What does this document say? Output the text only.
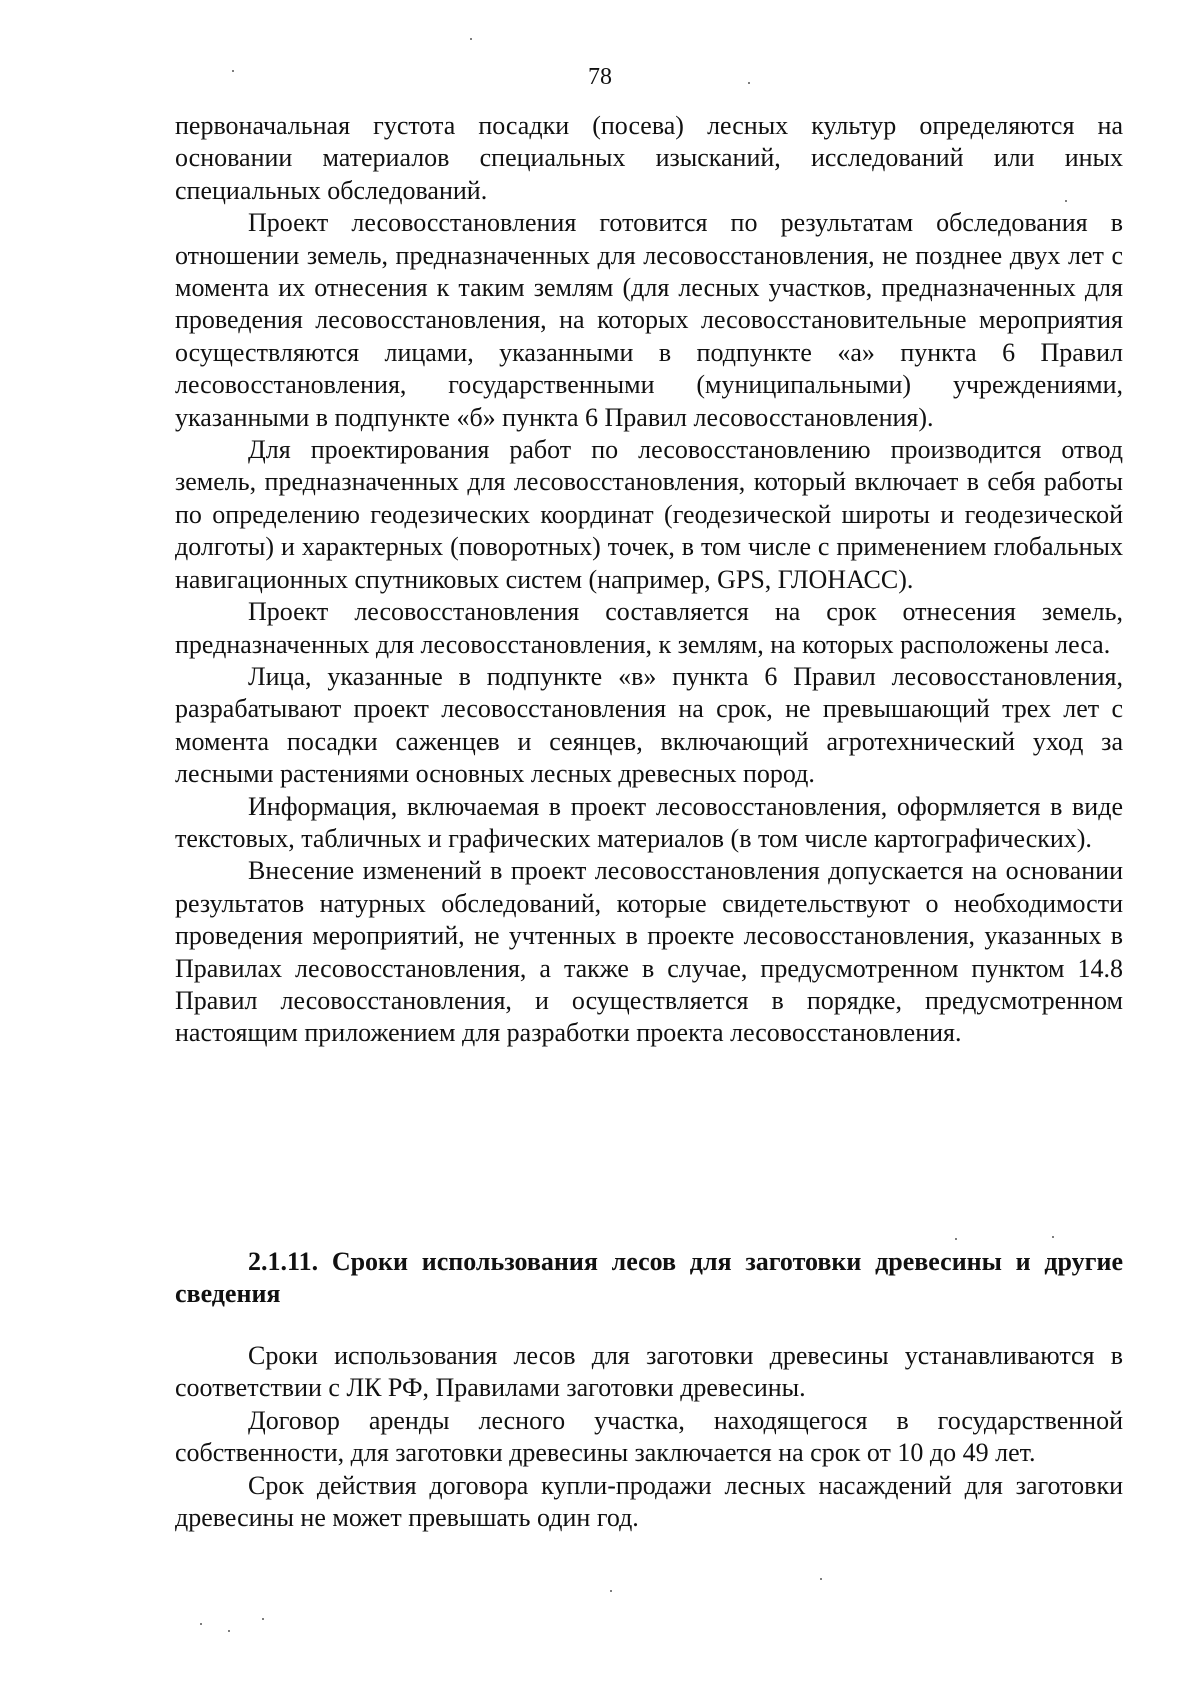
78

первоначальная густота посадки (посева) лесных культур определяются на основании материалов специальных изысканий, исследований или иных специальных обследований.

Проект лесовосстановления готовится по результатам обследования в отношении земель, предназначенных для лесовосстановления, не позднее двух лет с момента их отнесения к таким землям (для лесных участков, предназначенных для проведения лесовосстановления, на которых лесовосстановительные мероприятия осуществляются лицами, указанными в подпункте «а» пункта 6 Правил лесовосстановления, государственными (муниципальными) учреждениями, указанными в подпункте «б» пункта 6 Правил лесовосстановления).

Для проектирования работ по лесовосстановлению производится отвод земель, предназначенных для лесовосстановления, который включает в себя работы по определению геодезических координат (геодезической широты и геодезической долготы) и характерных (поворотных) точек, в том числе с применением глобальных навигационных спутниковых систем (например, GPS, ГЛОНАСС).

Проект лесовосстановления составляется на срок отнесения земель, предназначенных для лесовосстановления, к землям, на которых расположены леса.

Лица, указанные в подпункте «в» пункта 6 Правил лесовосстановления, разрабатывают проект лесовосстановления на срок, не превышающий трех лет с момента посадки саженцев и сеянцев, включающий агротехнический уход за лесными растениями основных лесных древесных пород.

Информация, включаемая в проект лесовосстановления, оформляется в виде текстовых, табличных и графических материалов (в том числе картографических).

Внесение изменений в проект лесовосстановления допускается на основании результатов натурных обследований, которые свидетельствуют о необходимости проведения мероприятий, не учтенных в проекте лесовосстановления, указанных в Правилах лесовосстановления, а также в случае, предусмотренном пунктом 14.8 Правил лесовосстановления, и осуществляется в порядке, предусмотренном настоящим приложением для разработки проекта лесовосстановления.

2.1.11. Сроки использования лесов для заготовки древесины и другие сведения

Сроки использования лесов для заготовки древесины устанавливаются в соответствии с ЛК РФ, Правилами заготовки древесины.

Договор аренды лесного участка, находящегося в государственной собственности, для заготовки древесины заключается на срок от 10 до 49 лет.

Срок действия договора купли-продажи лесных насаждений для заготовки древесины не может превышать один год.
